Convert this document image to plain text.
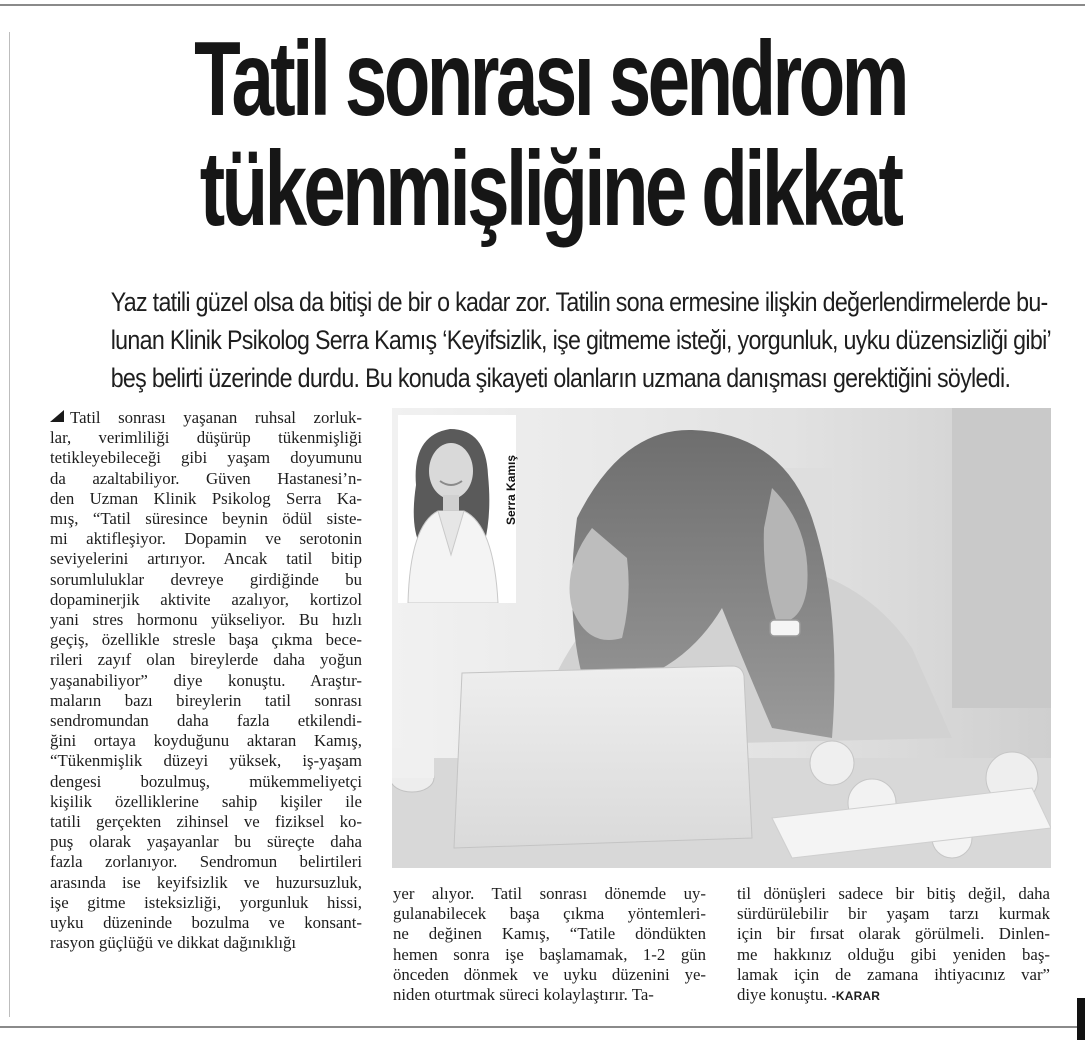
Tatil sonrası sendrom
tükenmişliğine dikkat

Yaz tatili güzel olsa da bitişi de bir o kadar zor. Tatilin sona ermesine ilişkin değerlendirmelerde bu-
lunan Klinik Psikolog Serra Kamış ‘Keyifsizlik, işe gitmeme isteği, yorgunluk, uyku düzensizliği gibi’
beş belirti üzerinde durdu. Bu konuda şikayeti olanların uzmana danışması gerektiğini söyledi.

Tatil sonrası yaşanan ruhsal zorluk-
lar, verimliliği düşürüp tükenmişliği
tetikleyebileceği gibi yaşam doyumunu
da azaltabiliyor. Güven Hastanesi’n-
den Uzman Klinik Psikolog Serra Ka-
mış, “Tatil süresince beynin ödül siste-
mi aktifleşiyor. Dopamin ve serotonin
seviyelerini artırıyor. Ancak tatil bitip
sorumluluklar devreye girdiğinde bu
dopaminerjik aktivite azalıyor, kortizol
yani stres hormonu yükseliyor. Bu hızlı
geçiş, özellikle stresle başa çıkma bece-
rileri zayıf olan bireylerde daha yoğun
yaşanabiliyor” diye konuştu. Araştır-
maların bazı bireylerin tatil sonrası
sendromundan daha fazla etkilendi-
ğini ortaya koyduğunu aktaran Kamış,
“Tükenmişlik düzeyi yüksek, iş-yaşam
dengesi bozulmuş, mükemmeliyetçi
kişilik özelliklerine sahip kişiler ile
tatili gerçekten zihinsel ve fiziksel ko-
puş olarak yaşayanlar bu süreçte daha
fazla zorlanıyor. Sendromun belirtileri
arasında ise keyifsizlik ve huzursuzluk,
işe gitme isteksizliği, yorgunluk hissi,
uyku düzeninde bozulma ve konsant-
rasyon güçlüğü ve dikkat dağınıklığı
Serra Kamış
yer alıyor. Tatil sonrası dönemde uy-
gulanabilecek başa çıkma yöntemleri-
ne değinen Kamış, “Tatile döndükten
hemen sonra işe başlamamak, 1-2 gün
önceden dönmek ve uyku düzenini ye-
niden oturtmak süreci kolaylaştırır. Ta-
til dönüşleri sadece bir bitiş değil, daha
sürdürülebilir bir yaşam tarzı kurmak
için bir fırsat olarak görülmeli. Dinlen-
me hakkınız olduğu gibi yeniden baş-
lamak için de zamana ihtiyacınız var”
diye konuştu. -KARAR
